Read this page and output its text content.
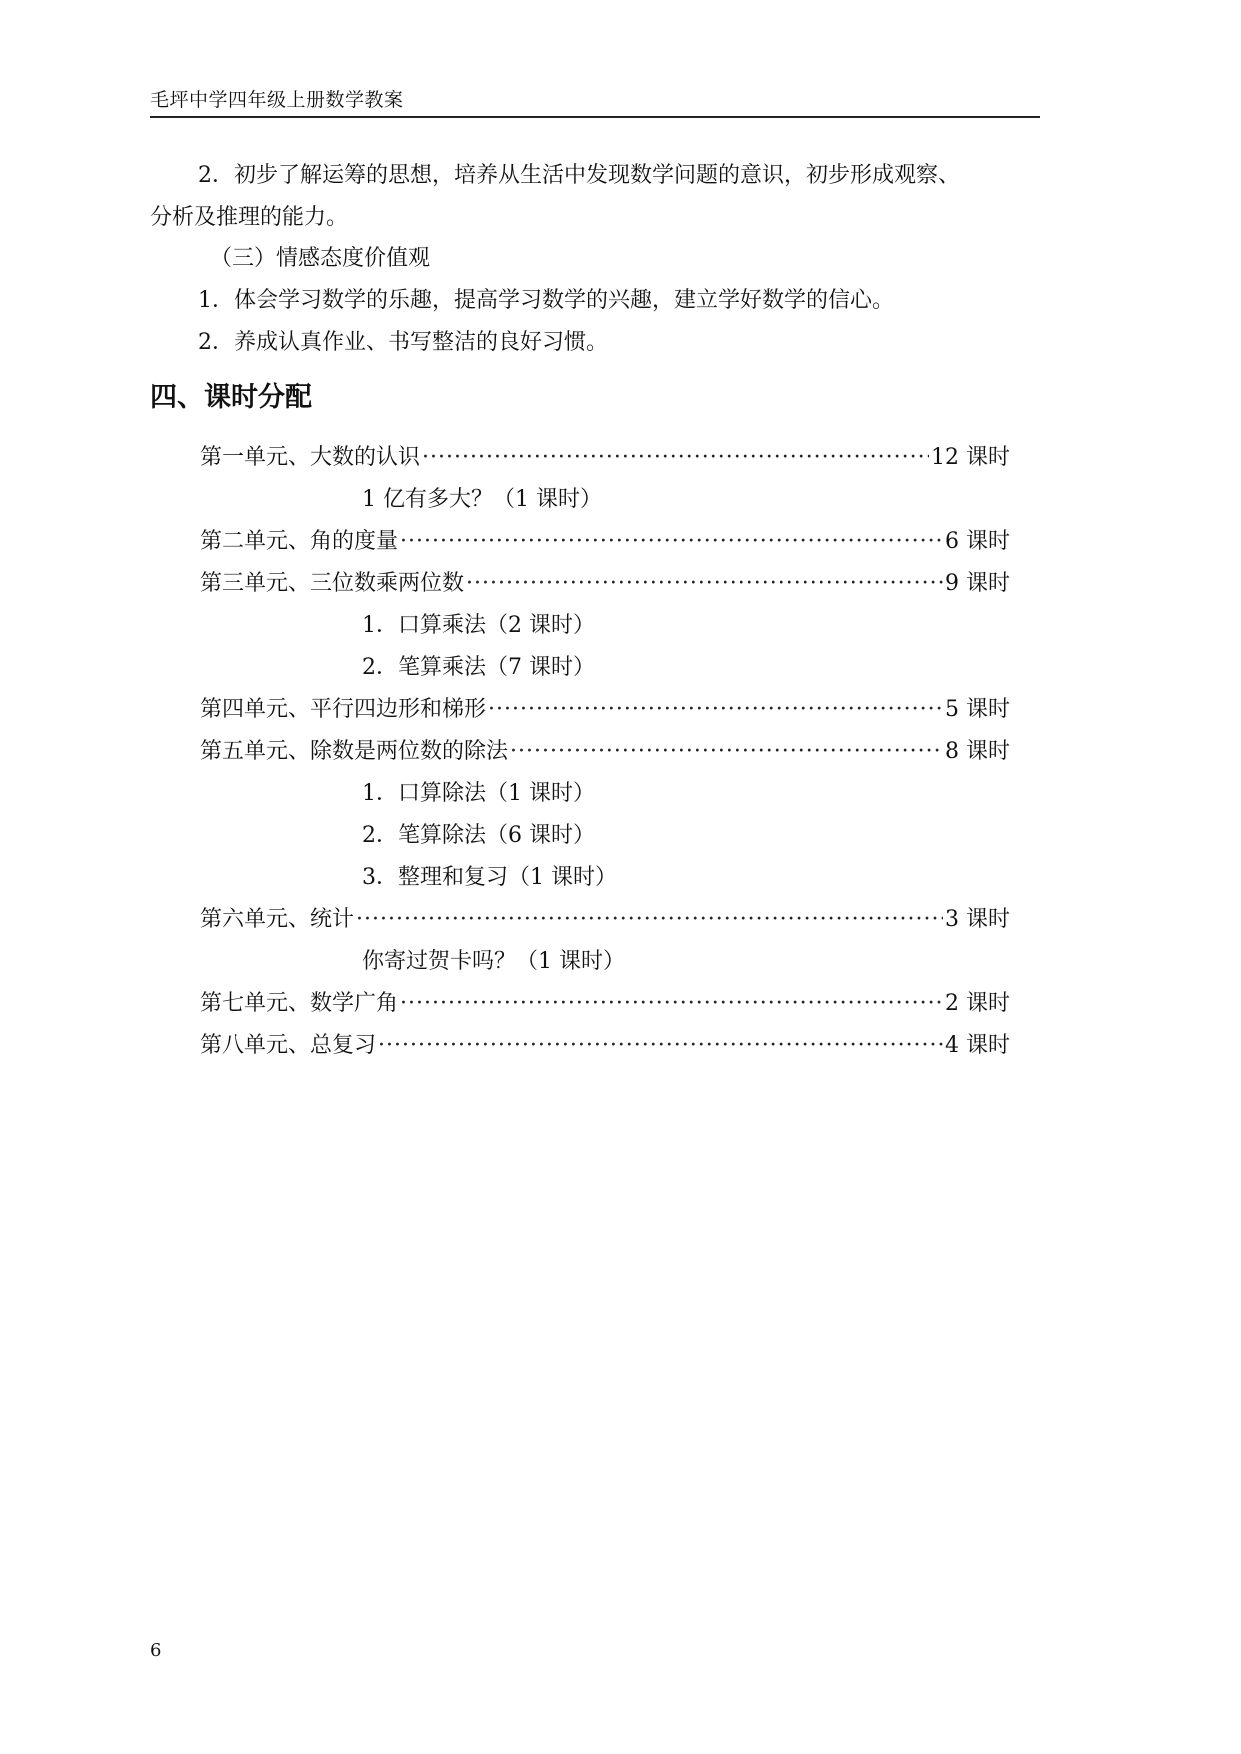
毛坪中学四年级上册数学教案
2．初步了解运筹的思想，培养从生活中发现数学问题的意识，初步形成观察、
分析及推理的能力。
（三）情感态度价值观
1．体会学习数学的乐趣，提高学习数学的兴趣，建立学好数学的信心。
2．养成认真作业、书写整洁的良好习惯。
四、课时分配
第一单元、大数的认识 ·····	12 课时
1 亿有多大？（1 课时）
第二单元、角的度量 ·····	6 课时
第三单元、三位数乘两位数 ·····	9 课时
1．口算乘法（2 课时）
2．笔算乘法（7 课时）
第四单元、平行四边形和梯形 ·····	5 课时
第五单元、除数是两位数的除法 ·····	8 课时
1．口算除法（1 课时）
2．笔算除法（6 课时）
3．整理和复习（1 课时）
第六单元、统计 ·····	3 课时
你寄过贺卡吗？（1 课时）
第七单元、数学广角 ·····	2 课时
第八单元、总复习 ·····	4 课时
6
